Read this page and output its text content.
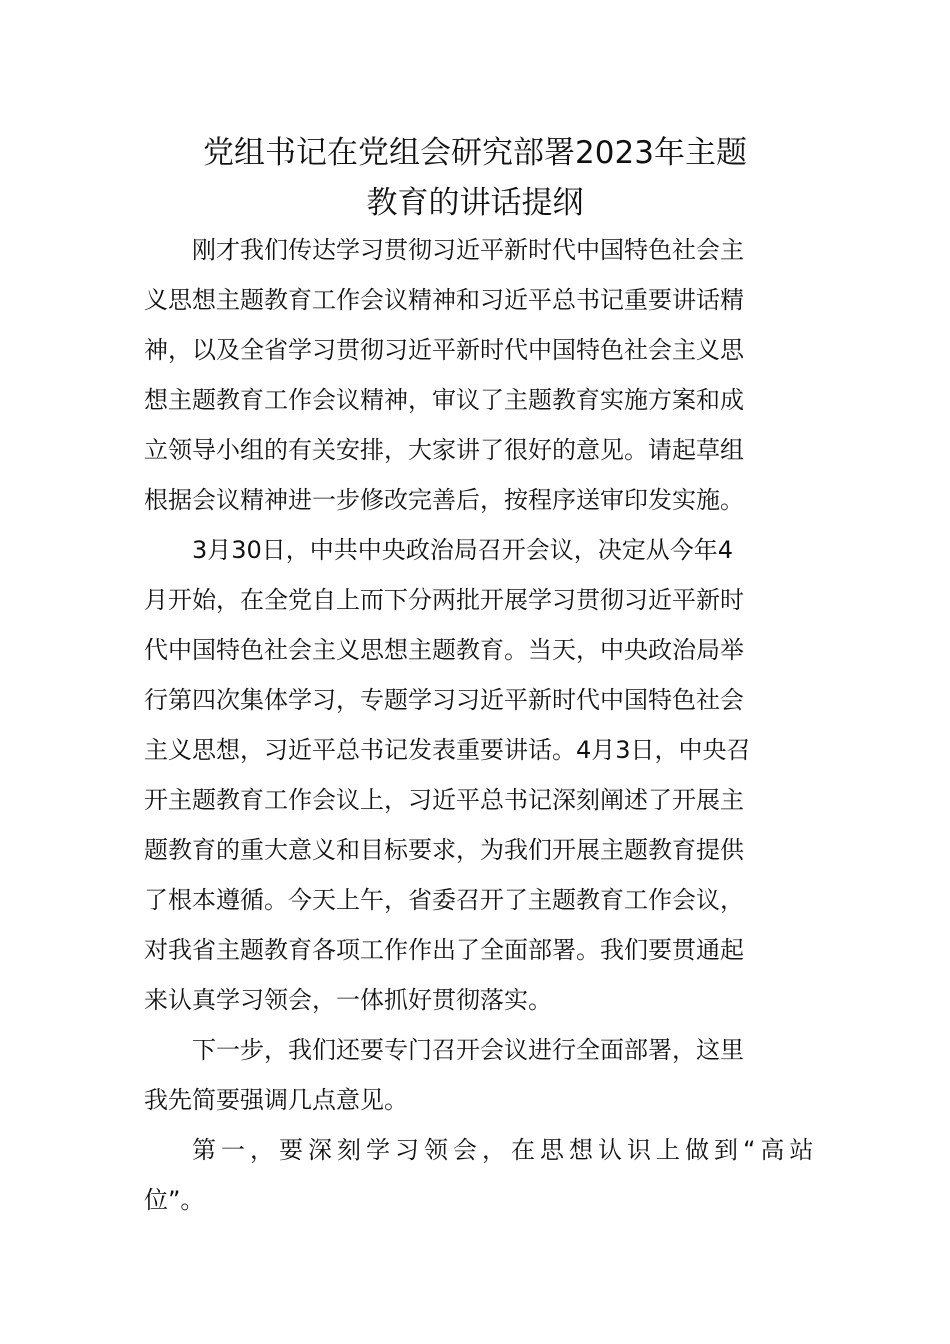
党组书记在党组会研究部署2023年主题
教育的讲话提纲

刚才我们传达学习贯彻习近平新时代中国特色社会主
义思想主题教育工作会议精神和习近平总书记重要讲话精
神，以及全省学习贯彻习近平新时代中国特色社会主义思
想主题教育工作会议精神，审议了主题教育实施方案和成
立领导小组的有关安排，大家讲了很好的意见。请起草组
根据会议精神进一步修改完善后，按程序送审印发实施。

3月30日，中共中央政治局召开会议，决定从今年4
月开始，在全党自上而下分两批开展学习贯彻习近平新时
代中国特色社会主义思想主题教育。当天，中央政治局举
行第四次集体学习，专题学习习近平新时代中国特色社会
主义思想，习近平总书记发表重要讲话。4月3日，中央召
开主题教育工作会议上，习近平总书记深刻阐述了开展主
题教育的重大意义和目标要求，为我们开展主题教育提供
了根本遵循。今天上午，省委召开了主题教育工作会议，
对我省主题教育各项工作作出了全面部署。我们要贯通起
来认真学习领会，一体抓好贯彻落实。

下一步，我们还要专门召开会议进行全面部署，这里
我先简要强调几点意见。

第一，要深刻学习领会，在思想认识上做到“高站
位”。
